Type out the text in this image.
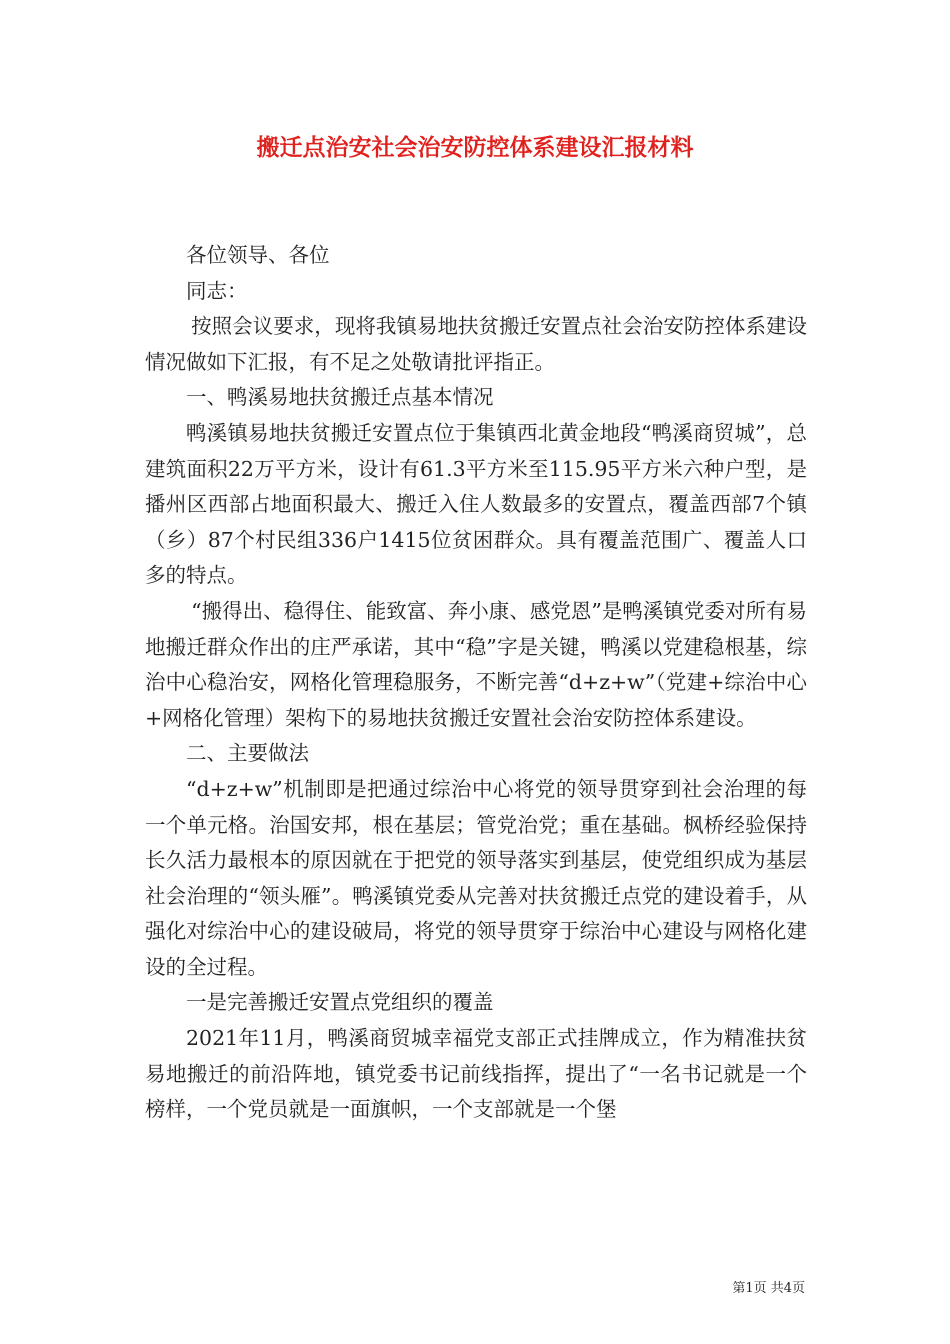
搬迁点治安社会治安防控体系建设汇报材料

各位领导、各位

同志：

按照会议要求，现将我镇易地扶贫搬迁安置点社会治安防控体系建设情况做如下汇报，有不足之处敬请批评指正。

一、鸭溪易地扶贫搬迁点基本情况

鸭溪镇易地扶贫搬迁安置点位于集镇西北黄金地段“鸭溪商贸城”，总建筑面积22万平方米，设计有61.3平方米至115.95平方米六种户型，是播州区西部占地面积最大、搬迁入住人数最多的安置点，覆盖西部7个镇（乡）87个村民组336户1415位贫困群众。具有覆盖范围广、覆盖人口多的特点。

“搬得出、稳得住、能致富、奔小康、感党恩”是鸭溪镇党委对所有易地搬迁群众作出的庄严承诺，其中“稳”字是关键，鸭溪以党建稳根基，综治中心稳治安，网格化管理稳服务，不断完善“d+z+w”（党建+综治中心+网格化管理）架构下的易地扶贫搬迁安置社会治安防控体系建设。

二、主要做法

“d+z+w”机制即是把通过综治中心将党的领导贯穿到社会治理的每一个单元格。治国安邦，根在基层；管党治党；重在基础。枫桥经验保持长久活力最根本的原因就在于把党的领导落实到基层，使党组织成为基层社会治理的“领头雁”。鸭溪镇党委从完善对扶贫搬迁点党的建设着手，从强化对综治中心的建设破局，将党的领导贯穿于综治中心建设与网格化建设的全过程。

一是完善搬迁安置点党组织的覆盖

2021年11月，鸭溪商贸城幸福党支部正式挂牌成立，作为精准扶贫易地搬迁的前沿阵地，镇党委书记前线指挥，提出了“一名书记就是一个榜样，一个党员就是一面旗帜，一个支部就是一个堡

第1页 共4页
